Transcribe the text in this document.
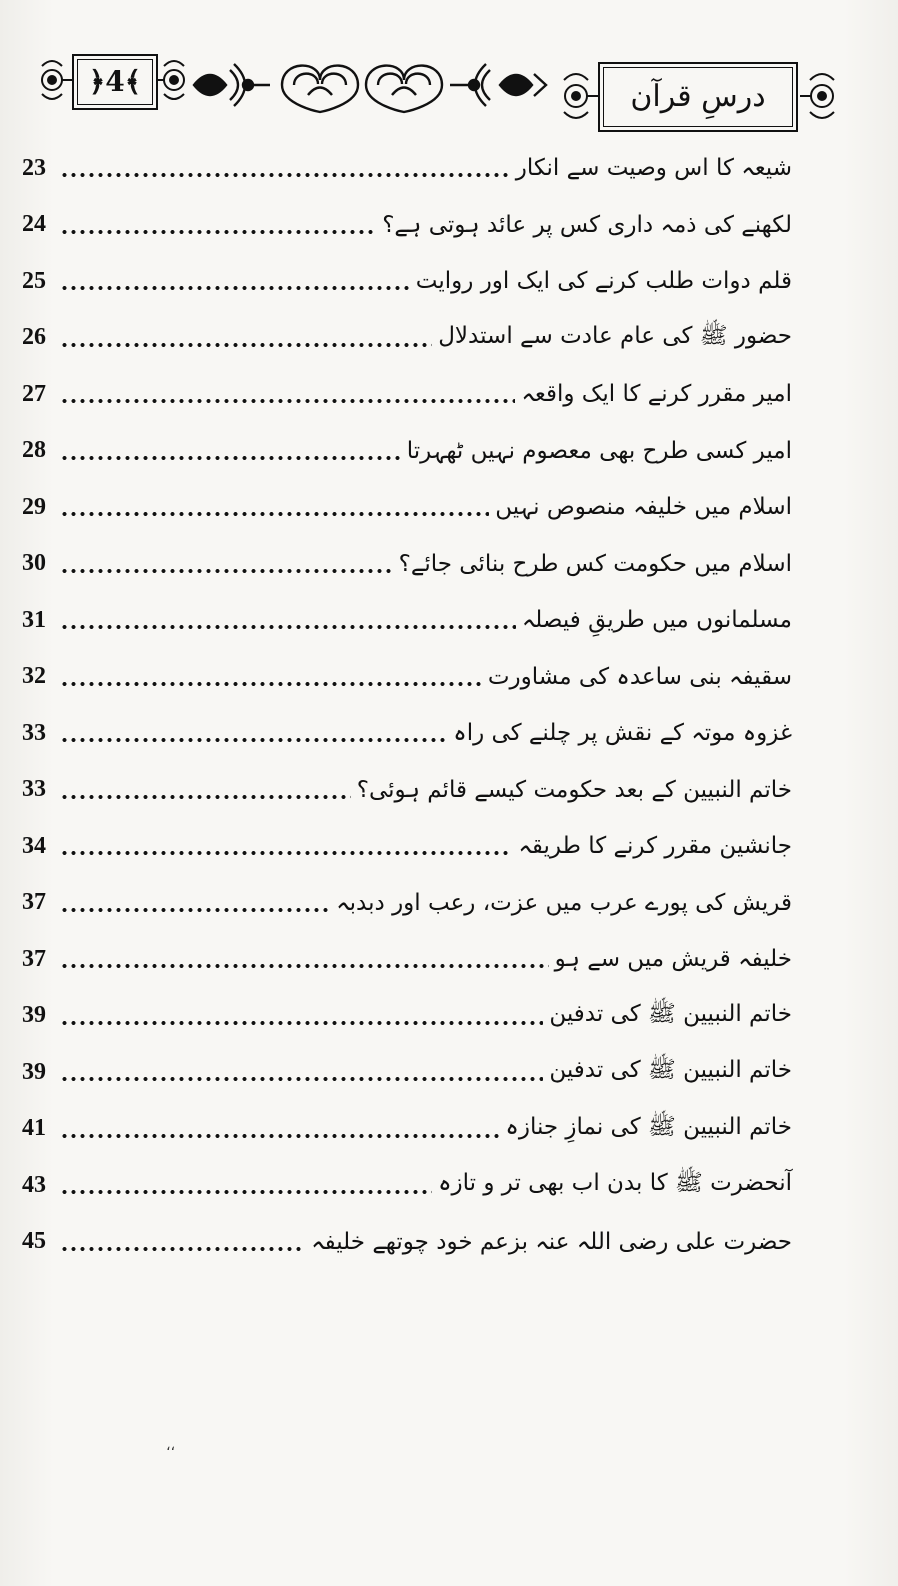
﴿4﴾	درسِ قرآن
شیعہ کا اس وصیت سے انکار
23
لکھنے کی ذمہ داری کس پر عائد ہوتی ہے؟
24
قلم دوات طلب کرنے کی ایک اور روایت
25
حضور ﷺ کی عام عادت سے استدلال
26
امیر مقرر کرنے کا ایک واقعہ
27
امیر کسی طرح بھی معصوم نہیں ٹھہرتا
28
اسلام میں خلیفہ منصوص نہیں
29
اسلام میں حکومت کس طرح بنائی جائے؟
30
مسلمانوں میں طریقِ فیصلہ
31
سقیفہ بنی ساعدہ کی مشاورت
32
غزوہ موتہ کے نقش پر چلنے کی راہ
33
خاتم النبیین کے بعد حکومت کیسے قائم ہوئی؟
33
جانشین مقرر کرنے کا طریقہ
34
قریش کی پورے عرب میں عزت، رعب اور دبدبہ
37
خلیفہ قریش میں سے ہو
37
خاتم النبیین ﷺ کی تدفین
39
خاتم النبیین ﷺ کی تدفین
39
خاتم النبیین ﷺ کی نمازِ جنازہ
41
آنحضرت ﷺ کا بدن اب بھی تر و تازہ
43
حضرت علی رضی اللہ عنہ بزعم خود چوتھے خلیفہ
45
،،
